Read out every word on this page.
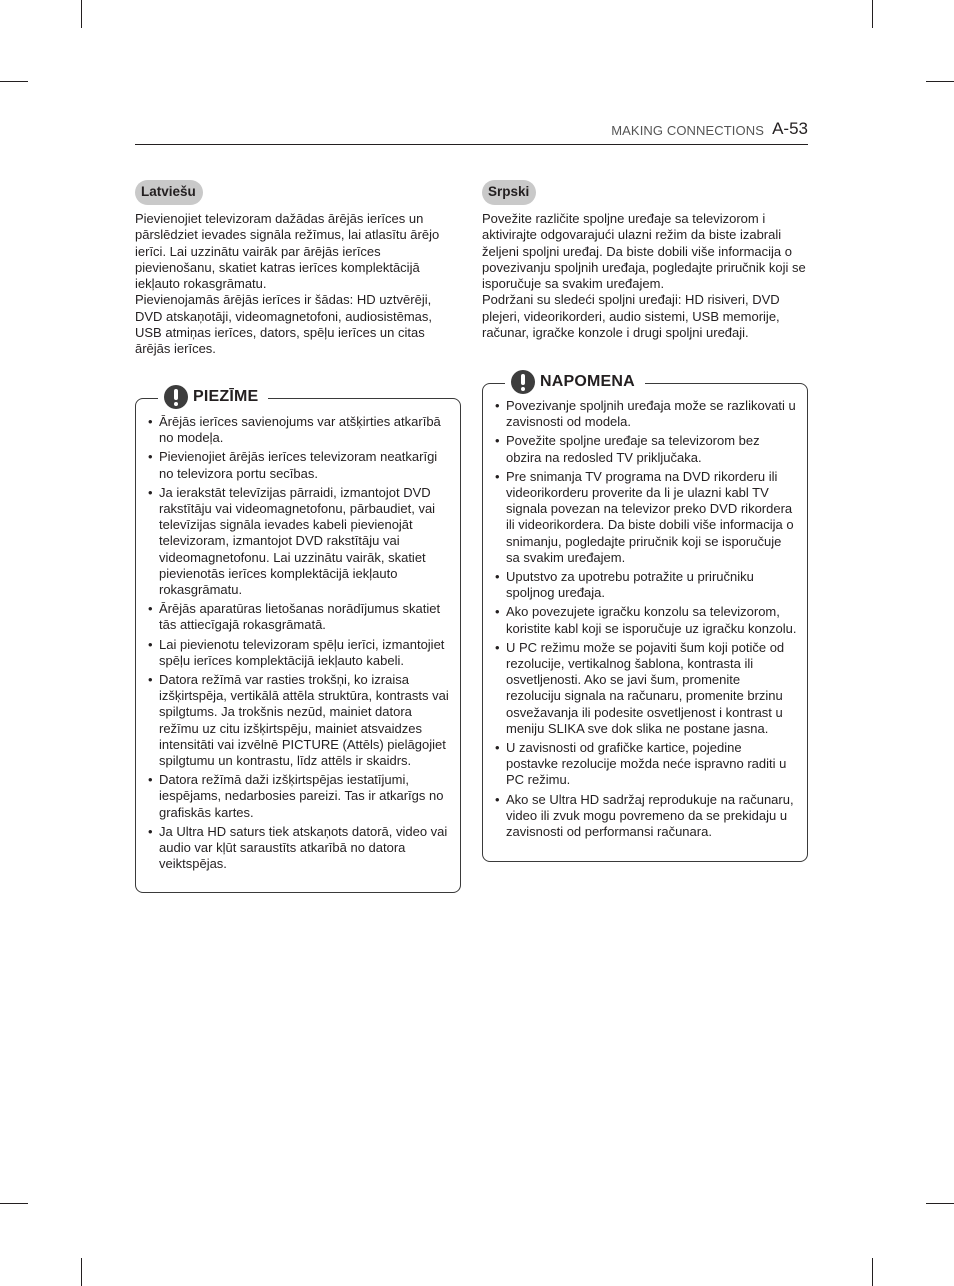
MAKING CONNECTIONS A-53
Latviešu

Pievienojiet televizoram dažādas ārējās ierīces un pārslēdziet ievades signāla režīmus, lai atlasītu ārējo ierīci. Lai uzzinātu vairāk par ārējās ierīces pievienošanu, skatiet katras ierīces komplektācijā iekļauto rokasgrāmatu.

Pievienojamās ārējās ierīces ir šādas: HD uztvērēji, DVD atskaņotāji, videomagnetofoni, audiosistēmas, USB atmiņas ierīces, dators, spēļu ierīces un citas ārējās ierīces.

PIEZĪME
• Ārējās ierīces savienojums var atšķirties atkarībā no modeļa.
• Pievienojiet ārējās ierīces televizoram neatkarīgi no televizora portu secības.
• Ja ierakstāt televīzijas pārraidi, izmantojot DVD rakstītāju vai videomagnetofonu, pārbaudiet, vai televīzijas signāla ievades kabeli pievienojāt televizoram, izmantojot DVD rakstītāju vai videomagnetofonu. Lai uzzinātu vairāk, skatiet pievienotās ierīces komplektācijā iekļauto rokasgrāmatu.
• Ārējās aparatūras lietošanas norādījumus skatiet tās attiecīgajā rokasgrāmatā.
• Lai pievienotu televizoram spēļu ierīci, izmantojiet spēļu ierīces komplektācijā iekļauto kabeli.
• Datora režīmā var rasties trokšņi, ko izraisa izšķirtspēja, vertikālā attēla struktūra, kontrasts vai spilgtums. Ja trokšnis nezūd, mainiet datora režīmu uz citu izšķirtspēju, mainiet atsvaidzes intensitāti vai izvēlnē PICTURE (Attēls) pielāgojiet spilgtumu un kontrastu, līdz attēls ir skaidrs.
• Datora režīmā daži izšķirtspējas iestatījumi, iespējams, nedarbosies pareizi. Tas ir atkarīgs no grafiskās kartes.
• Ja Ultra HD saturs tiek atskaņots datorā, video vai audio var kļūt saraustīts atkarībā no datora veiktspējas.
Srpski

Povežite različite spoljne uređaje sa televizorom i aktivirajte odgovarajući ulazni režim da biste izabrali željeni spoljni uređaj. Da biste dobili više informacija o povezivanju spoljnih uređaja, pogledajte priručnik koji se isporučuje sa svakim uređajem.

Podržani su sledeći spoljni uređaji: HD risiveri, DVD plejeri, videorikorderi, audio sistemi, USB memorije, računar, igračke konzole i drugi spoljni uređaji.

NAPOMENA
• Povezivanje spoljnih uređaja može se razlikovati u zavisnosti od modela.
• Povežite spoljne uređaje sa televizorom bez obzira na redosled TV priključaka.
• Pre snimanja TV programa na DVD rikorderu ili videorikorderu proverite da li je ulazni kabl TV signala povezan na televizor preko DVD rikordera ili videorikordera. Da biste dobili više informacija o snimanju, pogledajte priručnik koji se isporučuje sa svakim uređajem.
• Uputstvo za upotrebu potražite u priručniku spoljnog uređaja.
• Ako povezujete igračku konzolu sa televizorom, koristite kabl koji se isporučuje uz igračku konzolu.
• U PC režimu može se pojaviti šum koji potiče od rezolucije, vertikalnog šablona, kontrasta ili osvetljenosti. Ako se javi šum, promenite rezoluciju signala na računaru, promenite brzinu osvežavanja ili podesite osvetljenost i kontrast u meniju SLIKA sve dok slika ne postane jasna.
• U zavisnosti od grafičke kartice, pojedine postavke rezolucije možda neće ispravno raditi u PC režimu.
• Ako se Ultra HD sadržaj reprodukuje na računaru, video ili zvuk mogu povremeno da se prekidaju u zavisnosti od performansi računara.
